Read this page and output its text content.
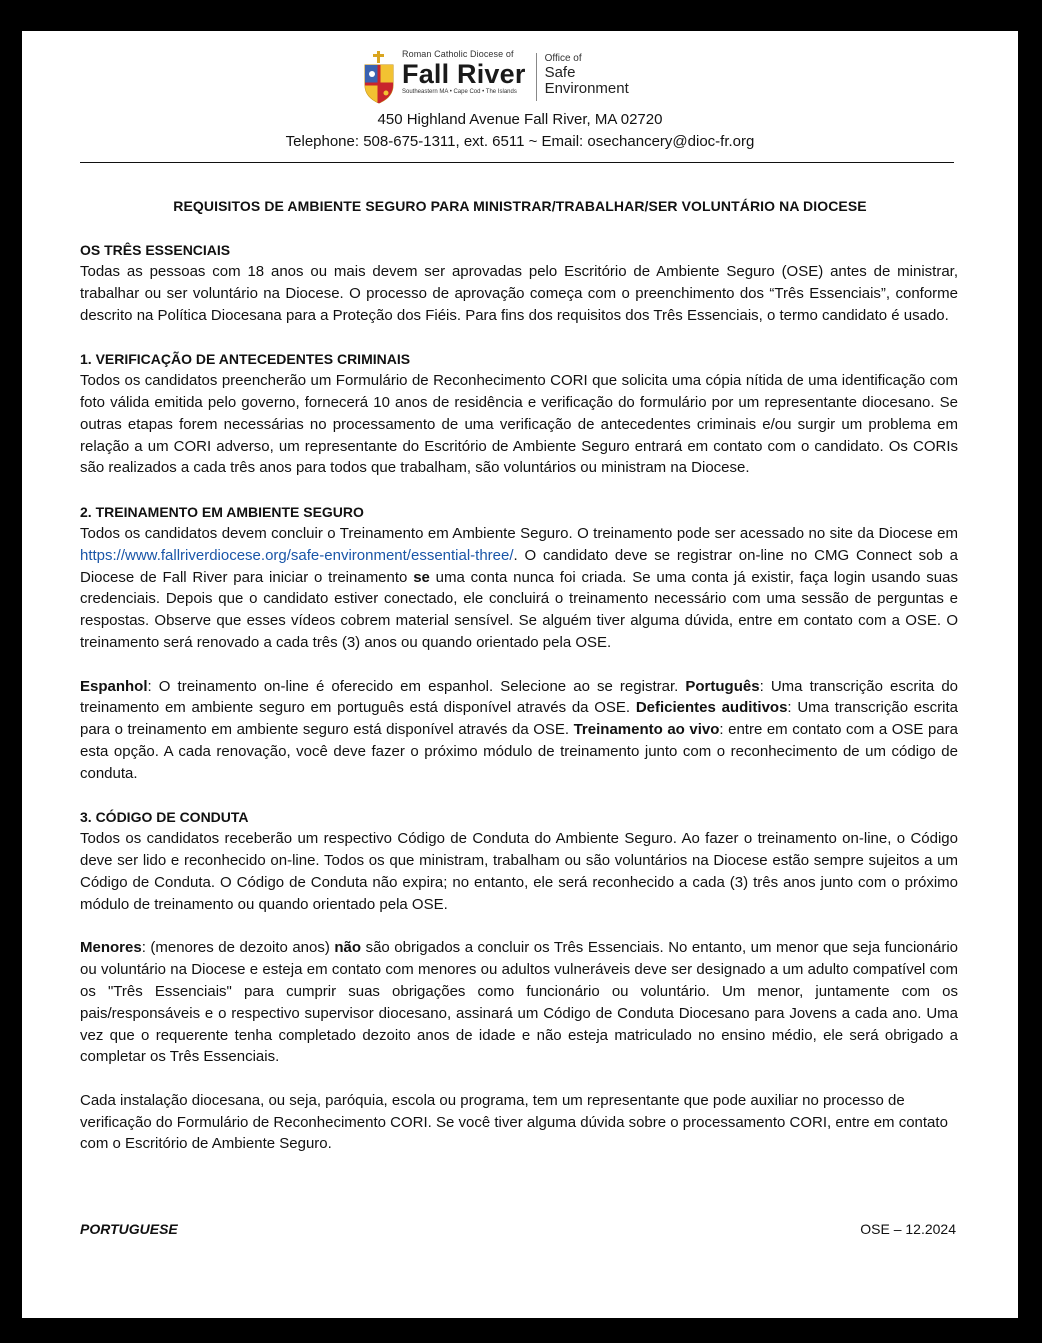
Roman Catholic Diocese of
Fall River
Southeastern MA • Cape Cod • The Islands
Office of
Safe
Environment
450 Highland Avenue Fall River, MA 02720
Telephone: 508-675-1311, ext. 6511 ~ Email: osechancery@dioc-fr.org
REQUISITOS DE AMBIENTE SEGURO PARA MINISTRAR/TRABALHAR/SER VOLUNTÁRIO NA DIOCESE

OS TRÊS ESSENCIAIS

Todas as pessoas com 18 anos ou mais devem ser aprovadas pelo Escritório de Ambiente Seguro (OSE) antes de ministrar, trabalhar ou ser voluntário na Diocese. O processo de aprovação começa com o preenchimento dos “Três Essenciais”, conforme descrito na Política Diocesana para a Proteção dos Fiéis. Para fins dos requisitos dos Três Essenciais, o termo candidato é usado.

1. VERIFICAÇÃO DE ANTECEDENTES CRIMINAIS

Todos os candidatos preencherão um Formulário de Reconhecimento CORI que solicita uma cópia nítida de uma identificação com foto válida emitida pelo governo, fornecerá 10 anos de residência e verificação do formulário por um representante diocesano. Se outras etapas forem necessárias no processamento de uma verificação de antecedentes criminais e/ou surgir um problema em relação a um CORI adverso, um representante do Escritório de Ambiente Seguro entrará em contato com o candidato. Os CORIs são realizados a cada três anos para todos que trabalham, são voluntários ou ministram na Diocese.

2. TREINAMENTO EM AMBIENTE SEGURO

Todos os candidatos devem concluir o Treinamento em Ambiente Seguro. O treinamento pode ser acessado no site da Diocese em https://www.fallriverdiocese.org/safe-environment/essential-three/. O candidato deve se registrar on-line no CMG Connect sob a Diocese de Fall River para iniciar o treinamento se uma conta nunca foi criada. Se uma conta já existir, faça login usando suas credenciais. Depois que o candidato estiver conectado, ele concluirá o treinamento necessário com uma sessão de perguntas e respostas. Observe que esses vídeos cobrem material sensível. Se alguém tiver alguma dúvida, entre em contato com a OSE. O treinamento será renovado a cada três (3) anos ou quando orientado pela OSE.

Espanhol: O treinamento on-line é oferecido em espanhol. Selecione ao se registrar. Português: Uma transcrição escrita do treinamento em ambiente seguro em português está disponível através da OSE. Deficientes auditivos: Uma transcrição escrita para o treinamento em ambiente seguro está disponível através da OSE. Treinamento ao vivo: entre em contato com a OSE para esta opção. A cada renovação, você deve fazer o próximo módulo de treinamento junto com o reconhecimento de um código de conduta.

3. CÓDIGO DE CONDUTA

Todos os candidatos receberão um respectivo Código de Conduta do Ambiente Seguro. Ao fazer o treinamento on-line, o Código deve ser lido e reconhecido on-line. Todos os que ministram, trabalham ou são voluntários na Diocese estão sempre sujeitos a um Código de Conduta. O Código de Conduta não expira; no entanto, ele será reconhecido a cada (3) três anos junto com o próximo módulo de treinamento ou quando orientado pela OSE.

Menores: (menores de dezoito anos) não são obrigados a concluir os Três Essenciais. No entanto, um menor que seja funcionário ou voluntário na Diocese e esteja em contato com menores ou adultos vulneráveis deve ser designado a um adulto compatível com os "Três Essenciais" para cumprir suas obrigações como funcionário ou voluntário. Um menor, juntamente com os pais/responsáveis e o respectivo supervisor diocesano, assinará um Código de Conduta Diocesano para Jovens a cada ano. Uma vez que o requerente tenha completado dezoito anos de idade e não esteja matriculado no ensino médio, ele será obrigado a completar os Três Essenciais.

Cada instalação diocesana, ou seja, paróquia, escola ou programa, tem um representante que pode auxiliar no processo de verificação do Formulário de Reconhecimento CORI. Se você tiver alguma dúvida sobre o processamento CORI, entre em contato com o Escritório de Ambiente Seguro.

PORTUGUESE	OSE – 12.2024
